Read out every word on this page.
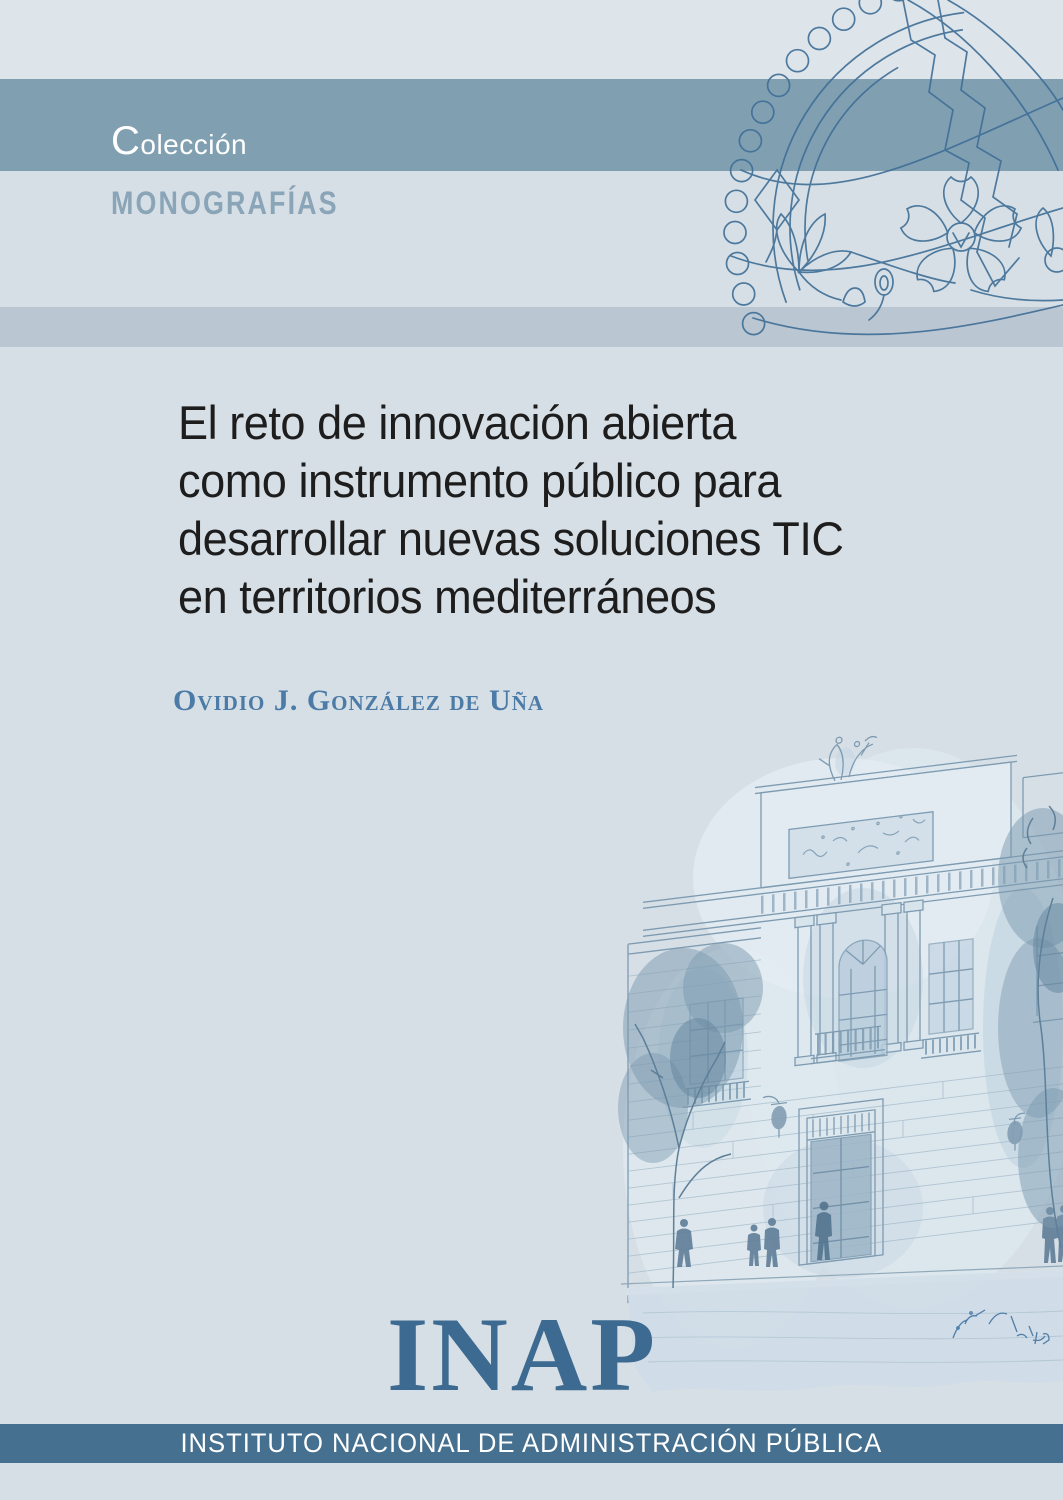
Colección
MONOGRAFÍAS
El reto de innovación abierta
como instrumento público para
desarrollar nuevas soluciones TIC
en territorios mediterráneos
Ovidio J. González de Uña
INAP
INSTITUTO NACIONAL DE ADMINISTRACIÓN PÚBLICA
